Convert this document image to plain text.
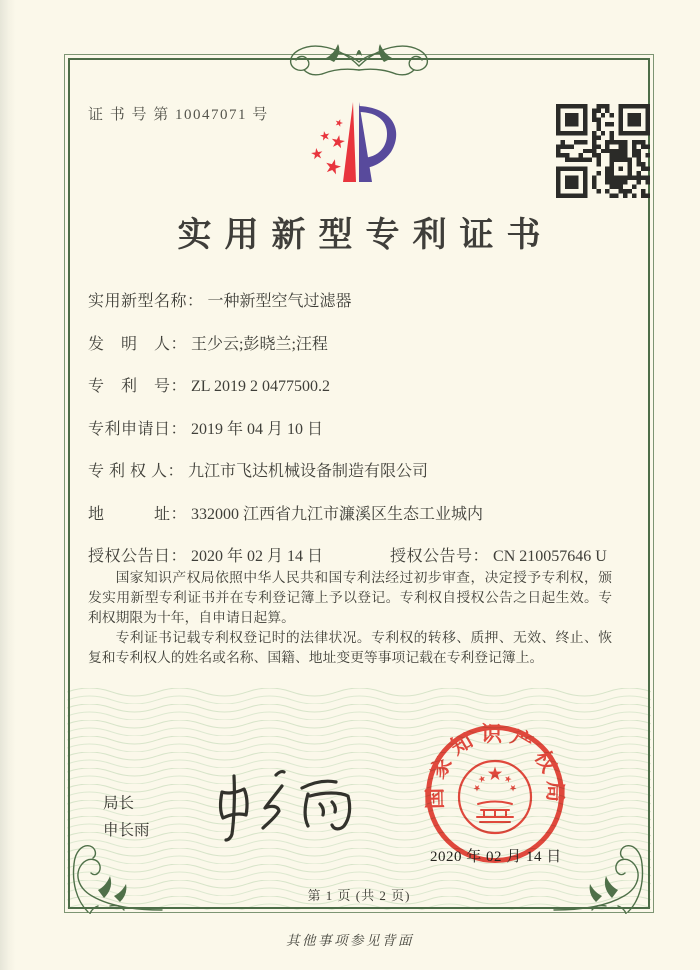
证 书 号 第 10047071 号
实用新型专利证书
实用新型名称： 一种新型空气过滤器
发　明　人： 王少云;彭晓兰;汪程
专　利　号： ZL 2019 2 0477500.2
专利申请日： 2019 年 04 月 10 日
专 利 权 人： 九江市飞达机械设备制造有限公司
地　　　址： 332000 江西省九江市濂溪区生态工业城内
授权公告日： 2020 年 02 月 14 日	授权公告号： CN 210057646 U

国家知识产权局依照中华人民共和国专利法经过初步审查，决定授予专利权，颁发实用新型专利证书并在专利登记簿上予以登记。专利权自授权公告之日起生效。专利权期限为十年，自申请日起算。

专利证书记载专利权登记时的法律状况。专利权的转移、质押、无效、终止、恢复和专利权人的姓名或名称、国籍、地址变更等事项记载在专利登记簿上。

局长
申长雨
国家知识产权局
2020 年 02 月 14 日
第 1 页 (共 2 页)
其他事项参见背面
